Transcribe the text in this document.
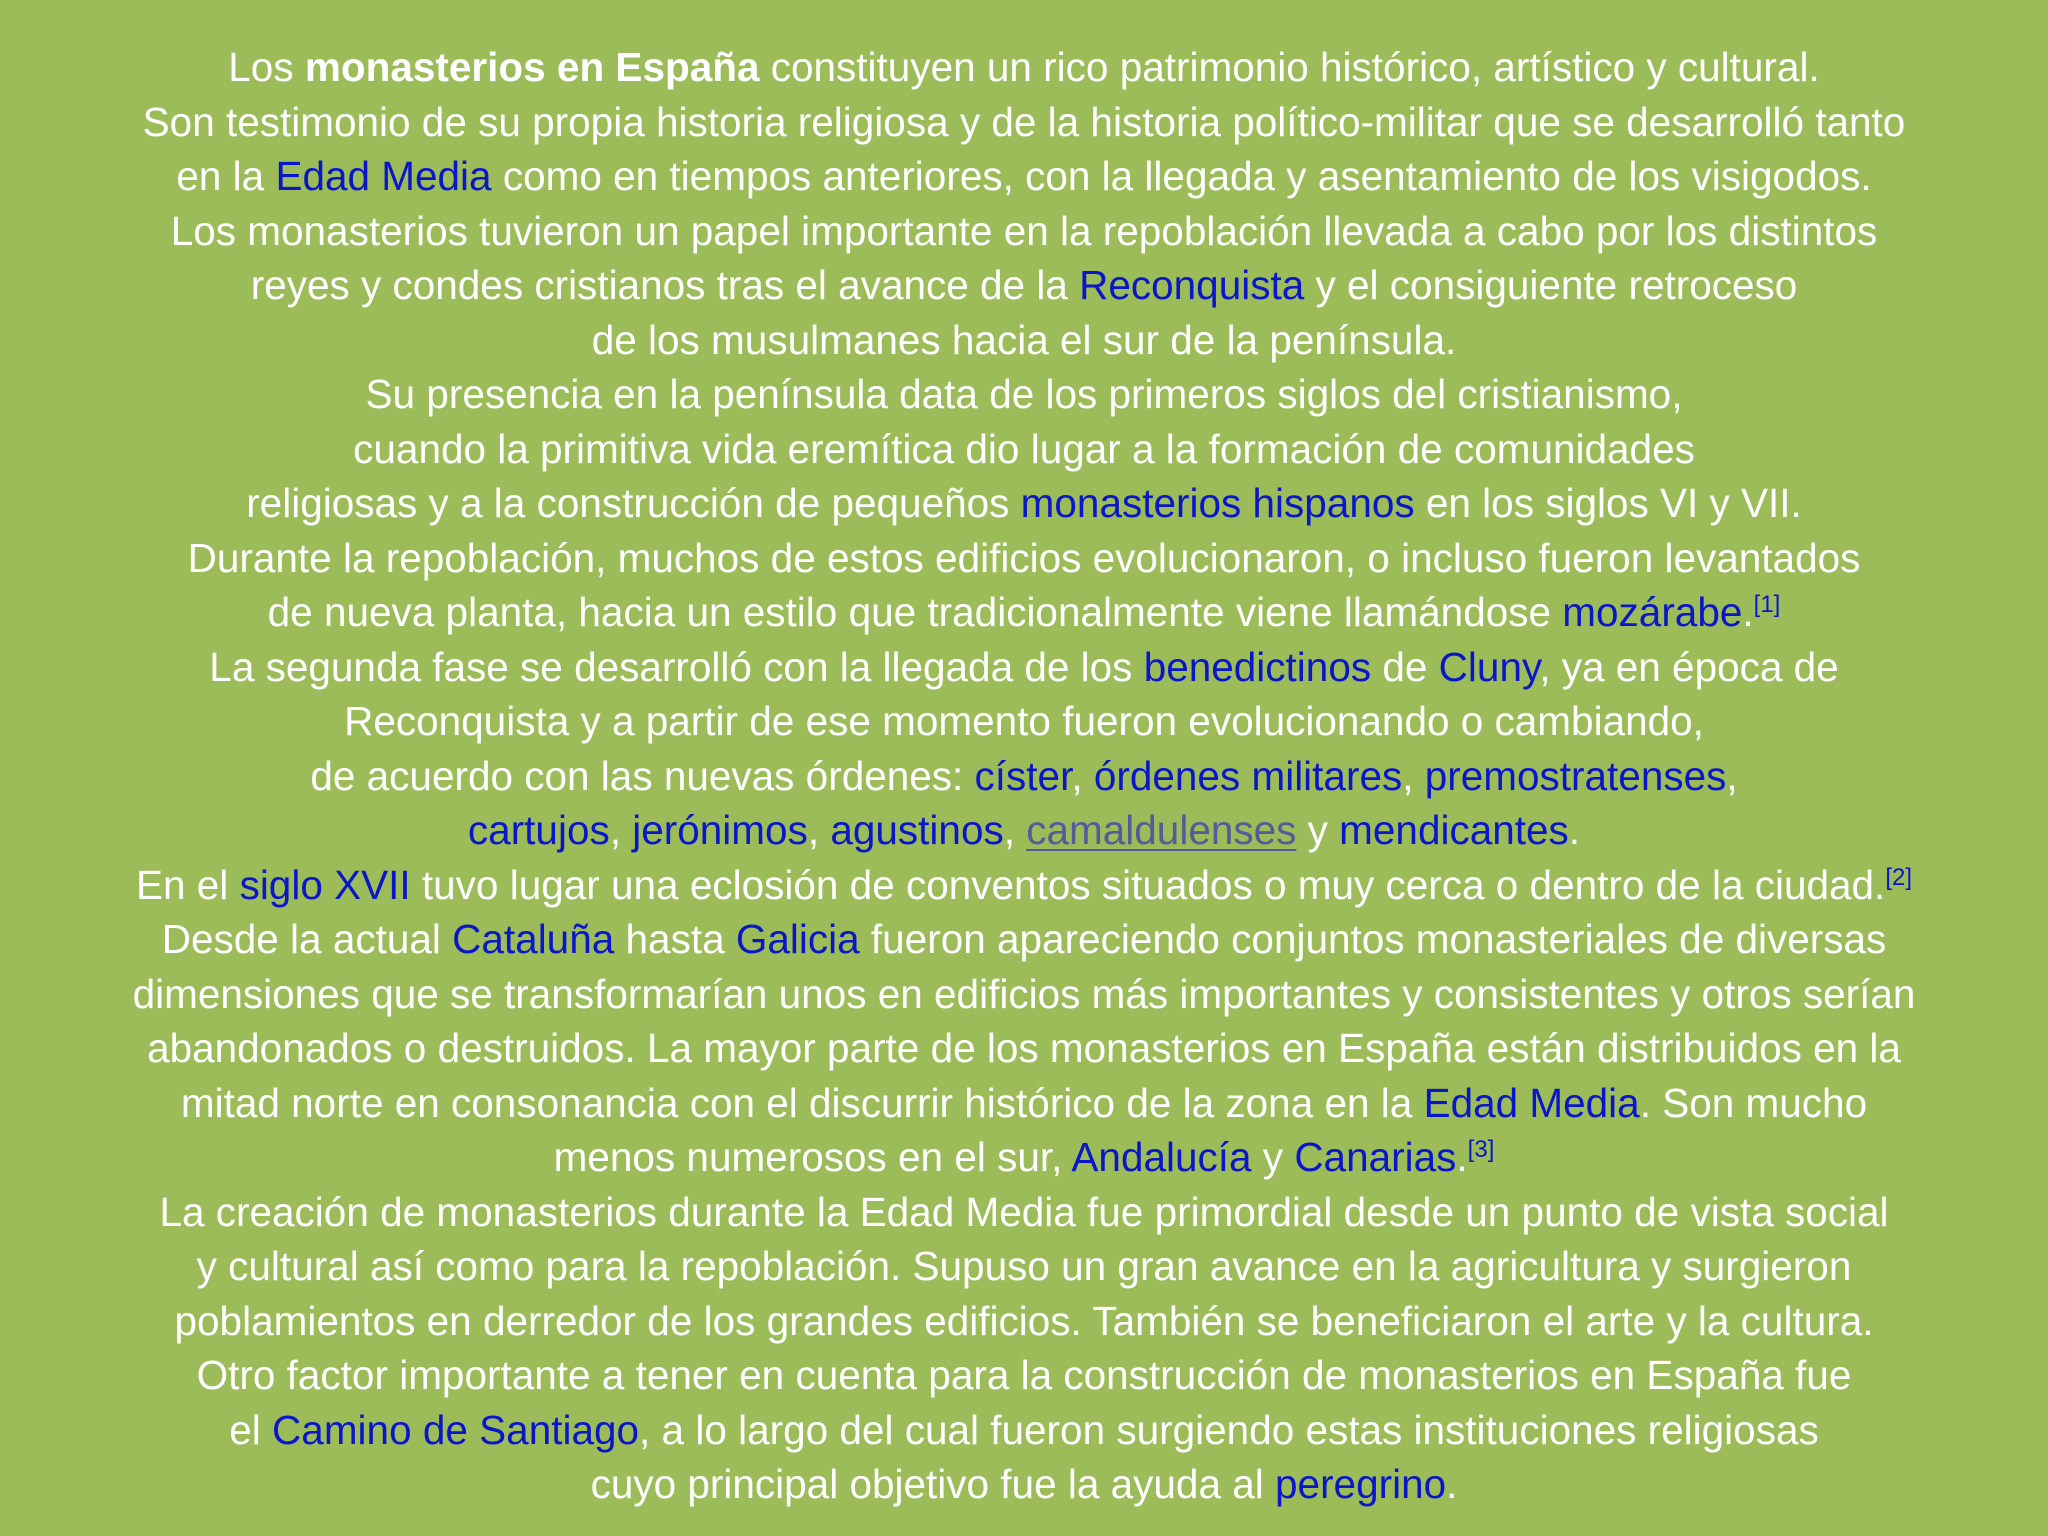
Los monasterios en España constituyen un rico patrimonio histórico, artístico y cultural.
Son testimonio de su propia historia religiosa y de la historia político-militar que se desarrolló tanto
en la Edad Media como en tiempos anteriores, con la llegada y asentamiento de los visigodos.
Los monasterios tuvieron un papel importante en la repoblación llevada a cabo por los distintos
reyes y condes cristianos tras el avance de la Reconquista y el consiguiente retroceso
de los musulmanes hacia el sur de la península.
Su presencia en la península data de los primeros siglos del cristianismo,
cuando la primitiva vida eremítica dio lugar a la formación de comunidades
religiosas y a la construcción de pequeños monasterios hispanos en los siglos VI y VII.
Durante la repoblación, muchos de estos edificios evolucionaron, o incluso fueron levantados
de nueva planta, hacia un estilo que tradicionalmente viene llamándose mozárabe.[1]
La segunda fase se desarrolló con la llegada de los benedictinos de Cluny, ya en época de
Reconquista y a partir de ese momento fueron evolucionando o cambiando,
de acuerdo con las nuevas órdenes: císter, órdenes militares, premostratenses,
cartujos, jerónimos, agustinos, camaldulenses y mendicantes.
En el siglo XVII tuvo lugar una eclosión de conventos situados o muy cerca o dentro de la ciudad.[2]
Desde la actual Cataluña hasta Galicia fueron apareciendo conjuntos monasteriales de diversas
dimensiones que se transformarían unos en edificios más importantes y consistentes y otros serían
abandonados o destruidos. La mayor parte de los monasterios en España están distribuidos en la
mitad norte en consonancia con el discurrir histórico de la zona en la Edad Media. Son mucho
menos numerosos en el sur, Andalucía y Canarias.[3]
La creación de monasterios durante la Edad Media fue primordial desde un punto de vista social
y cultural así como para la repoblación. Supuso un gran avance en la agricultura y surgieron
poblamientos en derredor de los grandes edificios. También se beneficiaron el arte y la cultura.
Otro factor importante a tener en cuenta para la construcción de monasterios en España fue
el Camino de Santiago, a lo largo del cual fueron surgiendo estas instituciones religiosas
cuyo principal objetivo fue la ayuda al peregrino.
